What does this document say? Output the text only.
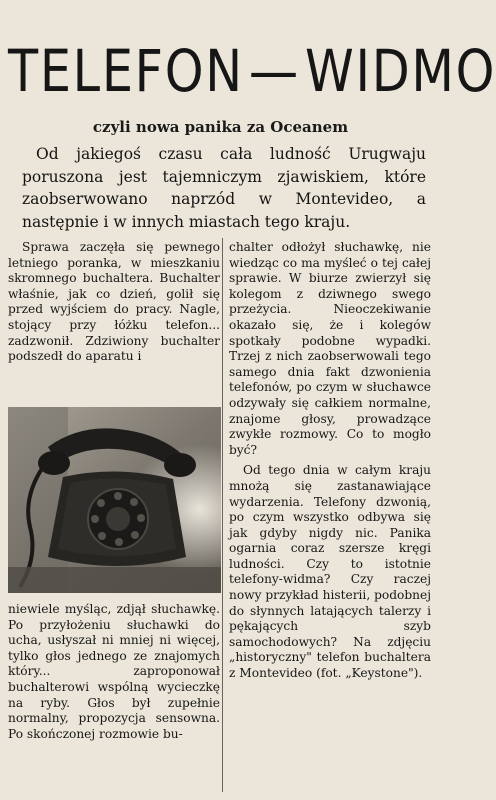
TELEFON — WIDMO
czyli nowa panika za Oceanem
Od jakiegoś czasu cała ludność Urugwaju poruszona jest tajemniczym zjawiskiem, które zaobserwowano naprzód w Montevideo, a następnie i w innych miastach tego kraju.

Sprawa zaczęła się pewnego letniego poranka, w mieszkaniu skromnego buchaltera. Buchalter właśnie, jak co dzień, golił się przed wyjściem do pracy. Nagle, stojący przy łóżku telefon... zadzwonił. Zdziwiony buchalter podszedł do aparatu i

niewiele myśląc, zdjął słuchawkę. Po przyłożeniu słuchawki do ucha, usłyszał ni mniej ni więcej, tylko głos jednego ze znajomych który... zaproponował buchalterowi wspólną wycieczkę na ryby. Głos był zupełnie normalny, propozycja sensowna. Po skończonej rozmowie bu-

chalter odłożył słuchawkę, nie wiedząc co ma myśleć o tej całej sprawie. W biurze zwierzył się kolegom z dziwnego swego przeżycia. Nieoczekiwanie okazało się, że i kolegów spotkały podobne wypadki. Trzej z nich zaobserwowali tego samego dnia fakt dzwonienia telefonów, po czym w słuchawce odzywały się całkiem normalne, znajome głosy, prowadzące zwykłe rozmowy. Co to mogło być?

Od tego dnia w całym kraju mnożą się zastanawiające wydarzenia. Telefony dzwonią, po czym wszystko odbywa się jak gdyby nigdy nic. Panika ogarnia coraz szersze kręgi ludności. Czy to istotnie telefony-widma? Czy raczej nowy przykład histerii, podobnej do słynnych latających talerzy i pękających szyb samochodowych? Na zdjęciu „historyczny" telefon buchaltera z Montevideo (fot. „Keystone").
